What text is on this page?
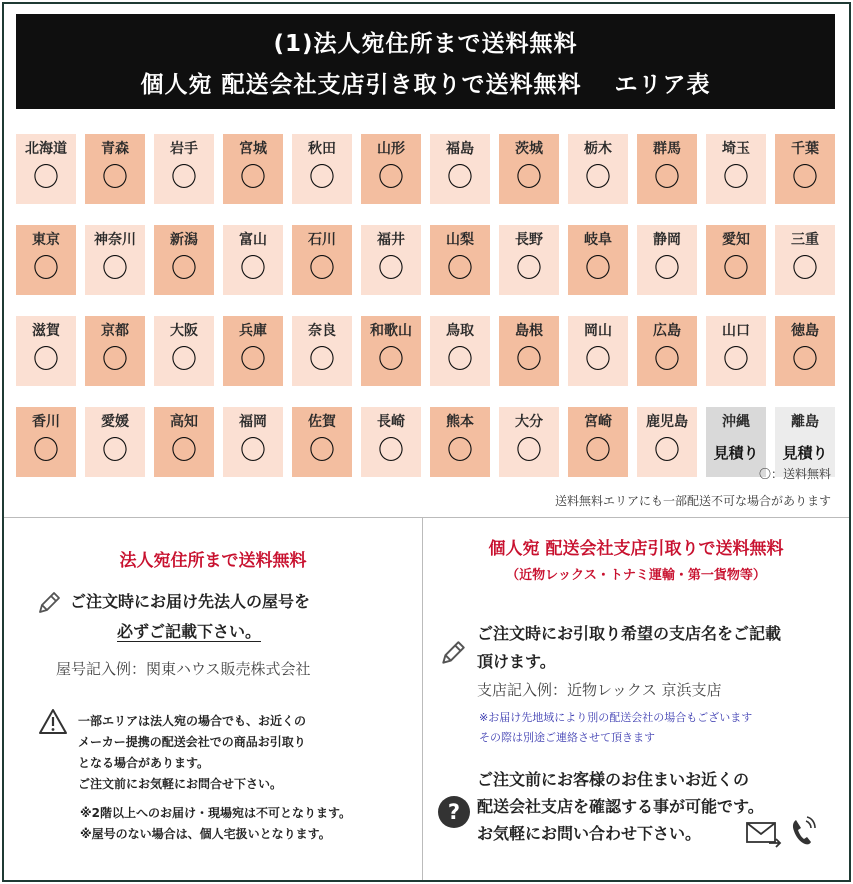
(1)法人宛住所まで送料無料
個人宛 配送会社支店引き取りで送料無料　 エリア表
北海道
〇
青森
〇
岩手
〇
宮城
〇
秋田
〇
山形
〇
福島
〇
茨城
〇
栃木
〇
群馬
〇
埼玉
〇
千葉
〇
東京
〇
神奈川
〇
新潟
〇
富山
〇
石川
〇
福井
〇
山梨
〇
長野
〇
岐阜
〇
静岡
〇
愛知
〇
三重
〇
滋賀
〇
京都
〇
大阪
〇
兵庫
〇
奈良
〇
和歌山
〇
鳥取
〇
島根
〇
岡山
〇
広島
〇
山口
〇
徳島
〇
香川
〇
愛媛
〇
高知
〇
福岡
〇
佐賀
〇
長崎
〇
熊本
〇
大分
〇
宮崎
〇
鹿児島
〇
沖縄
見積り
離島
見積り
〇：送料無料
送料無料エリアにも一部配送不可な場合があります
法人宛住所まで送料無料
ご注文時にお届け先法人の屋号を
必ずご記載下さい。
屋号記入例：関東ハウス販売株式会社
一部エリアは法人宛の場合でも、お近くの
メーカー提携の配送会社での商品お引取り
となる場合があります。
ご注文前にお気軽にお問合せ下さい。
※2階以上へのお届け・現場宛は不可となります。
※屋号のない場合は、個人宅扱いとなります。
個人宛 配送会社支店引取りで送料無料
（近物レックス・トナミ運輸・第一貨物等）
ご注文時にお引取り希望の支店名をご記載
頂けます。
支店記入例：近物レックス 京浜支店
※お届け先地域により別の配送会社の場合もございます
その際は別途ご連絡させて頂きます
?
ご注文前にお客様のお住まいお近くの
配送会社支店を確認する事が可能です。
お気軽にお問い合わせ下さい。
